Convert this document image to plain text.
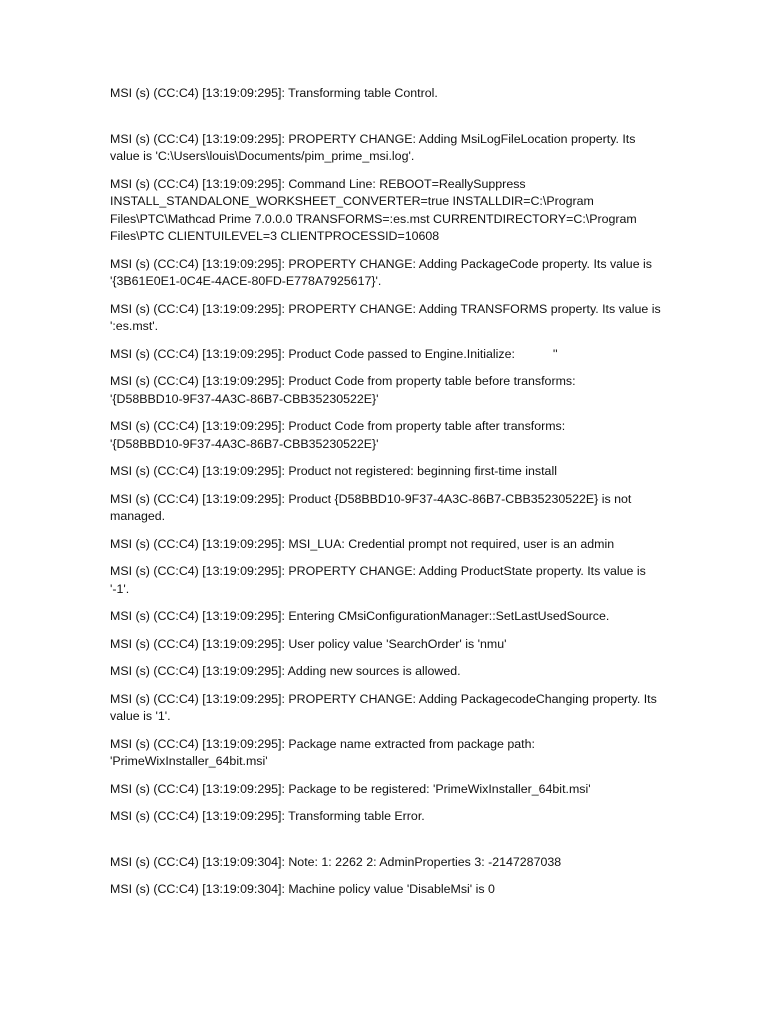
MSI (s) (CC:C4) [13:19:09:295]: Transforming table Control.

MSI (s) (CC:C4) [13:19:09:295]: PROPERTY CHANGE: Adding MsiLogFileLocation property. Its
value is 'C:\Users\louis\Documents/pim_prime_msi.log'.

MSI (s) (CC:C4) [13:19:09:295]: Command Line: REBOOT=ReallySuppress
INSTALL_STANDALONE_WORKSHEET_CONVERTER=true INSTALLDIR=C:\Program
Files\PTC\Mathcad Prime 7.0.0.0 TRANSFORMS=:es.mst CURRENTDIRECTORY=C:\Program
Files\PTC CLIENTUILEVEL=3 CLIENTPROCESSID=10608

MSI (s) (CC:C4) [13:19:09:295]: PROPERTY CHANGE: Adding PackageCode property. Its value is
'{3B61E0E1-0C4E-4ACE-80FD-E778A7925617}'.

MSI (s) (CC:C4) [13:19:09:295]: PROPERTY CHANGE: Adding TRANSFORMS property. Its value is
':es.mst'.

MSI (s) (CC:C4) [13:19:09:295]: Product Code passed to Engine.Initialize:           ''

MSI (s) (CC:C4) [13:19:09:295]: Product Code from property table before transforms:
'{D58BBD10-9F37-4A3C-86B7-CBB35230522E}'

MSI (s) (CC:C4) [13:19:09:295]: Product Code from property table after transforms:
'{D58BBD10-9F37-4A3C-86B7-CBB35230522E}'

MSI (s) (CC:C4) [13:19:09:295]: Product not registered: beginning first-time install

MSI (s) (CC:C4) [13:19:09:295]: Product {D58BBD10-9F37-4A3C-86B7-CBB35230522E} is not
managed.

MSI (s) (CC:C4) [13:19:09:295]: MSI_LUA: Credential prompt not required, user is an admin

MSI (s) (CC:C4) [13:19:09:295]: PROPERTY CHANGE: Adding ProductState property. Its value is
'-1'.

MSI (s) (CC:C4) [13:19:09:295]: Entering CMsiConfigurationManager::SetLastUsedSource.

MSI (s) (CC:C4) [13:19:09:295]: User policy value 'SearchOrder' is 'nmu'

MSI (s) (CC:C4) [13:19:09:295]: Adding new sources is allowed.

MSI (s) (CC:C4) [13:19:09:295]: PROPERTY CHANGE: Adding PackagecodeChanging property. Its
value is '1'.

MSI (s) (CC:C4) [13:19:09:295]: Package name extracted from package path:
'PrimeWixInstaller_64bit.msi'

MSI (s) (CC:C4) [13:19:09:295]: Package to be registered: 'PrimeWixInstaller_64bit.msi'

MSI (s) (CC:C4) [13:19:09:295]: Transforming table Error.

MSI (s) (CC:C4) [13:19:09:304]: Note: 1: 2262 2: AdminProperties 3: -2147287038

MSI (s) (CC:C4) [13:19:09:304]: Machine policy value 'DisableMsi' is 0
